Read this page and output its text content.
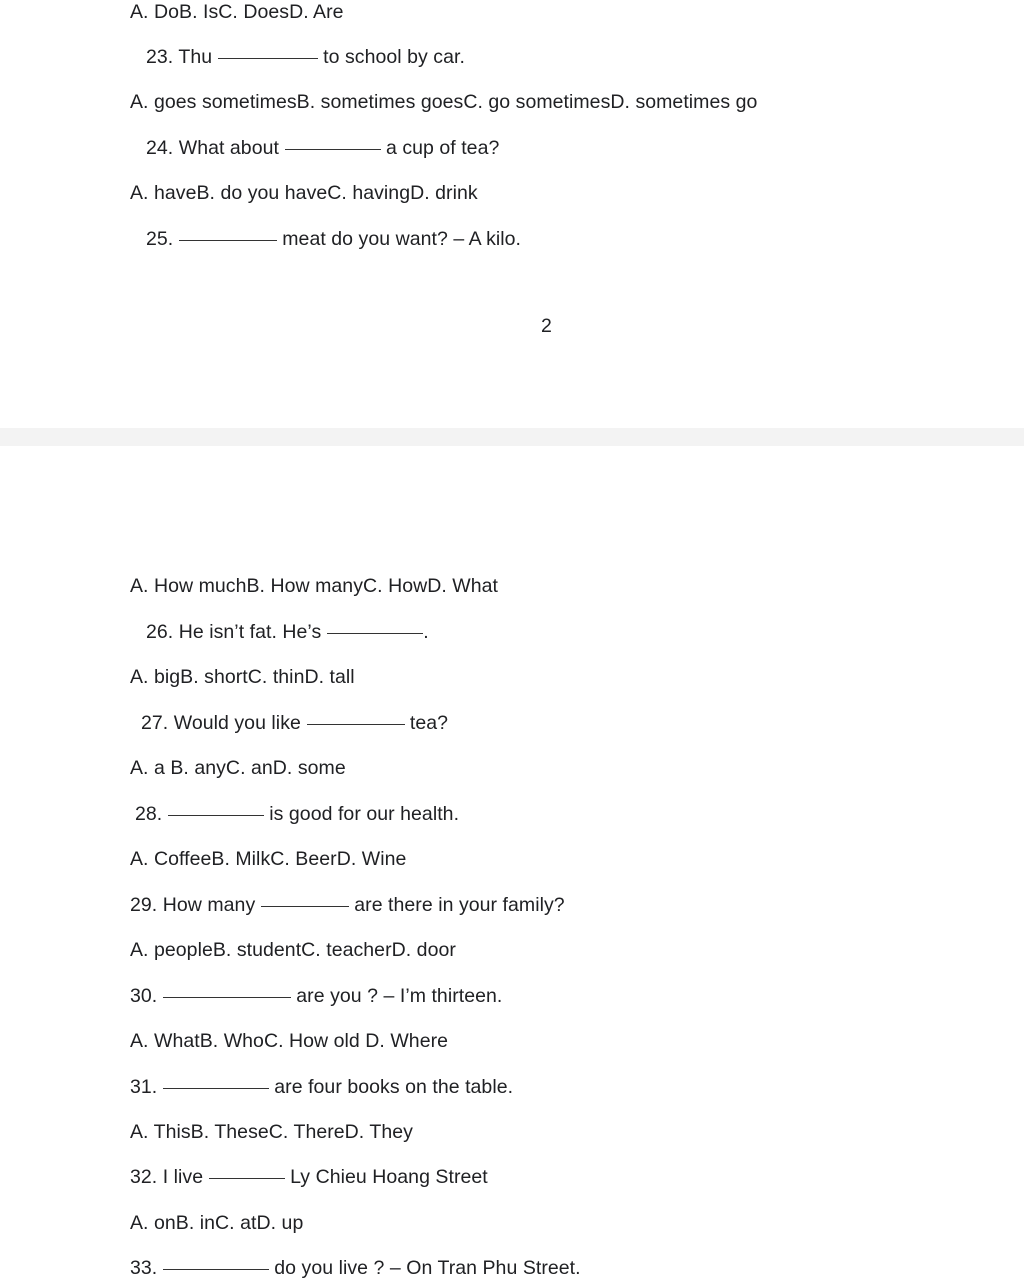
A. DoB. IsC. DoesD. Are
23. Thu	to school by car.
A. goes sometimesB. sometimes goesC. go sometimesD. sometimes go
24. What about	a cup of tea?
A. haveB. do you haveC. havingD. drink
25.	meat do you want? – A kilo.
2
A. How muchB. How manyC. HowD. What
26. He isn’t fat. He’s	.
A. bigB. shortC. thinD. tall
27. Would you like	tea?
A. a B. anyC. anD. some
28.	is good for our health.
A. CoffeeB. MilkC. BeerD. Wine
29. How many	are there in your family?
A. peopleB. studentC. teacherD. door
30.	are you ? – I’m thirteen.
A. WhatB. WhoC. How old D. Where
31.	are four books on the table.
A. ThisB. TheseC. ThereD. They
32. I live	Ly Chieu Hoang Street
A. onB. inC. atD. up
33.	do you live ? – On Tran Phu Street.
